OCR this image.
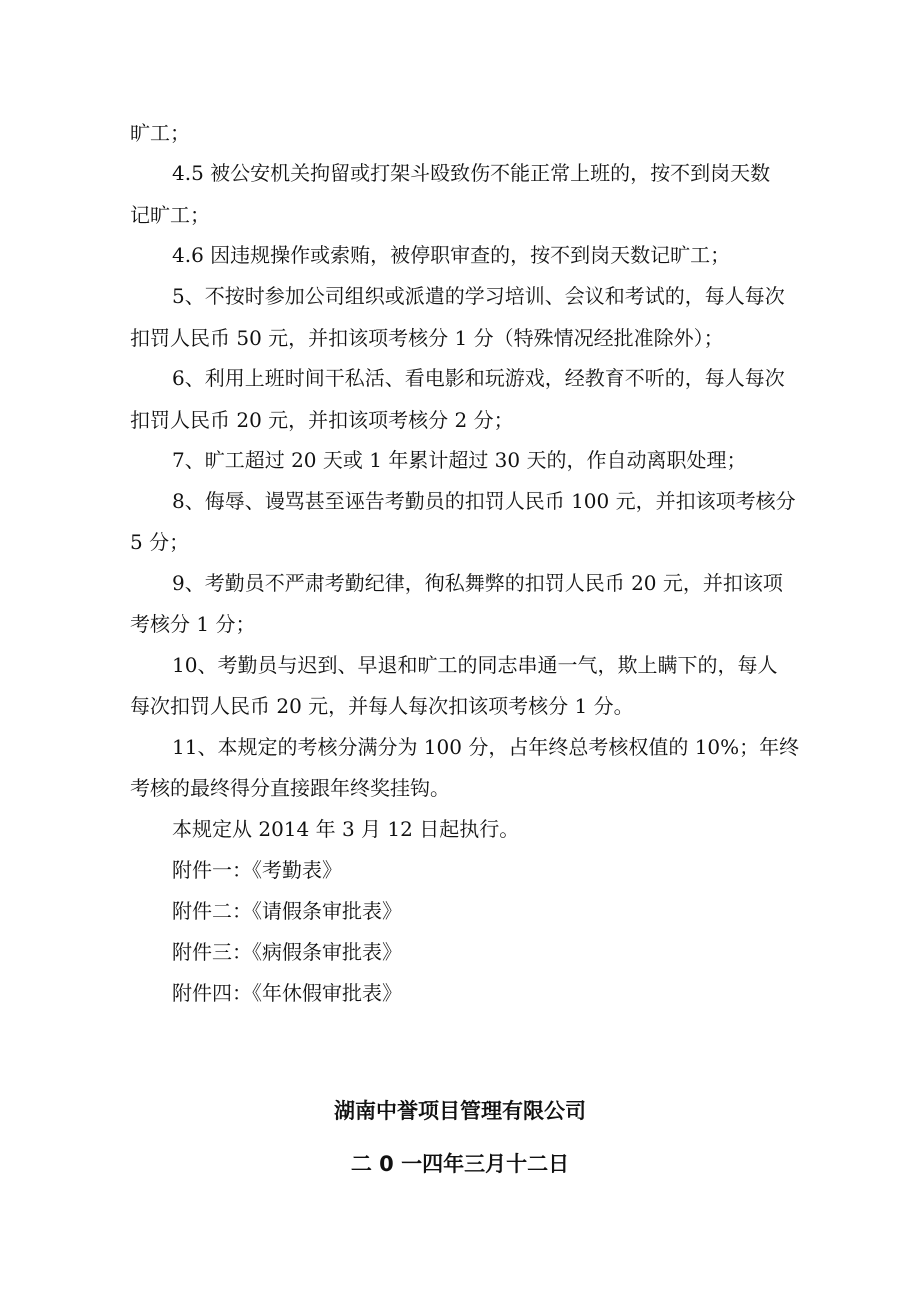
旷工；
4.5 被公安机关拘留或打架斗殴致伤不能正常上班的，按不到岗天数
记旷工；
4.6 因违规操作或索贿，被停职审查的，按不到岗天数记旷工；
5、不按时参加公司组织或派遣的学习培训、会议和考试的，每人每次
扣罚人民币 50 元，并扣该项考核分 1 分（特殊情况经批准除外）；
6、利用上班时间干私活、看电影和玩游戏，经教育不听的，每人每次
扣罚人民币 20 元，并扣该项考核分 2 分；
7、旷工超过 20 天或 1 年累计超过 30 天的，作自动离职处理；
8、侮辱、谩骂甚至诬告考勤员的扣罚人民币 100 元，并扣该项考核分
5 分；
9、考勤员不严肃考勤纪律，徇私舞弊的扣罚人民币 20 元，并扣该项
考核分 1 分；
10、考勤员与迟到、早退和旷工的同志串通一气，欺上瞒下的，每人
每次扣罚人民币 20 元，并每人每次扣该项考核分 1 分。
11、本规定的考核分满分为 100 分，占年终总考核权值的 10%；年终
考核的最终得分直接跟年终奖挂钩。
本规定从 2014 年 3 月 12 日起执行。
附件一：《考勤表》
附件二：《请假条审批表》
附件三：《病假条审批表》
附件四：《年休假审批表》
湖南中誉项目管理有限公司
二 0 一四年三月十二日
